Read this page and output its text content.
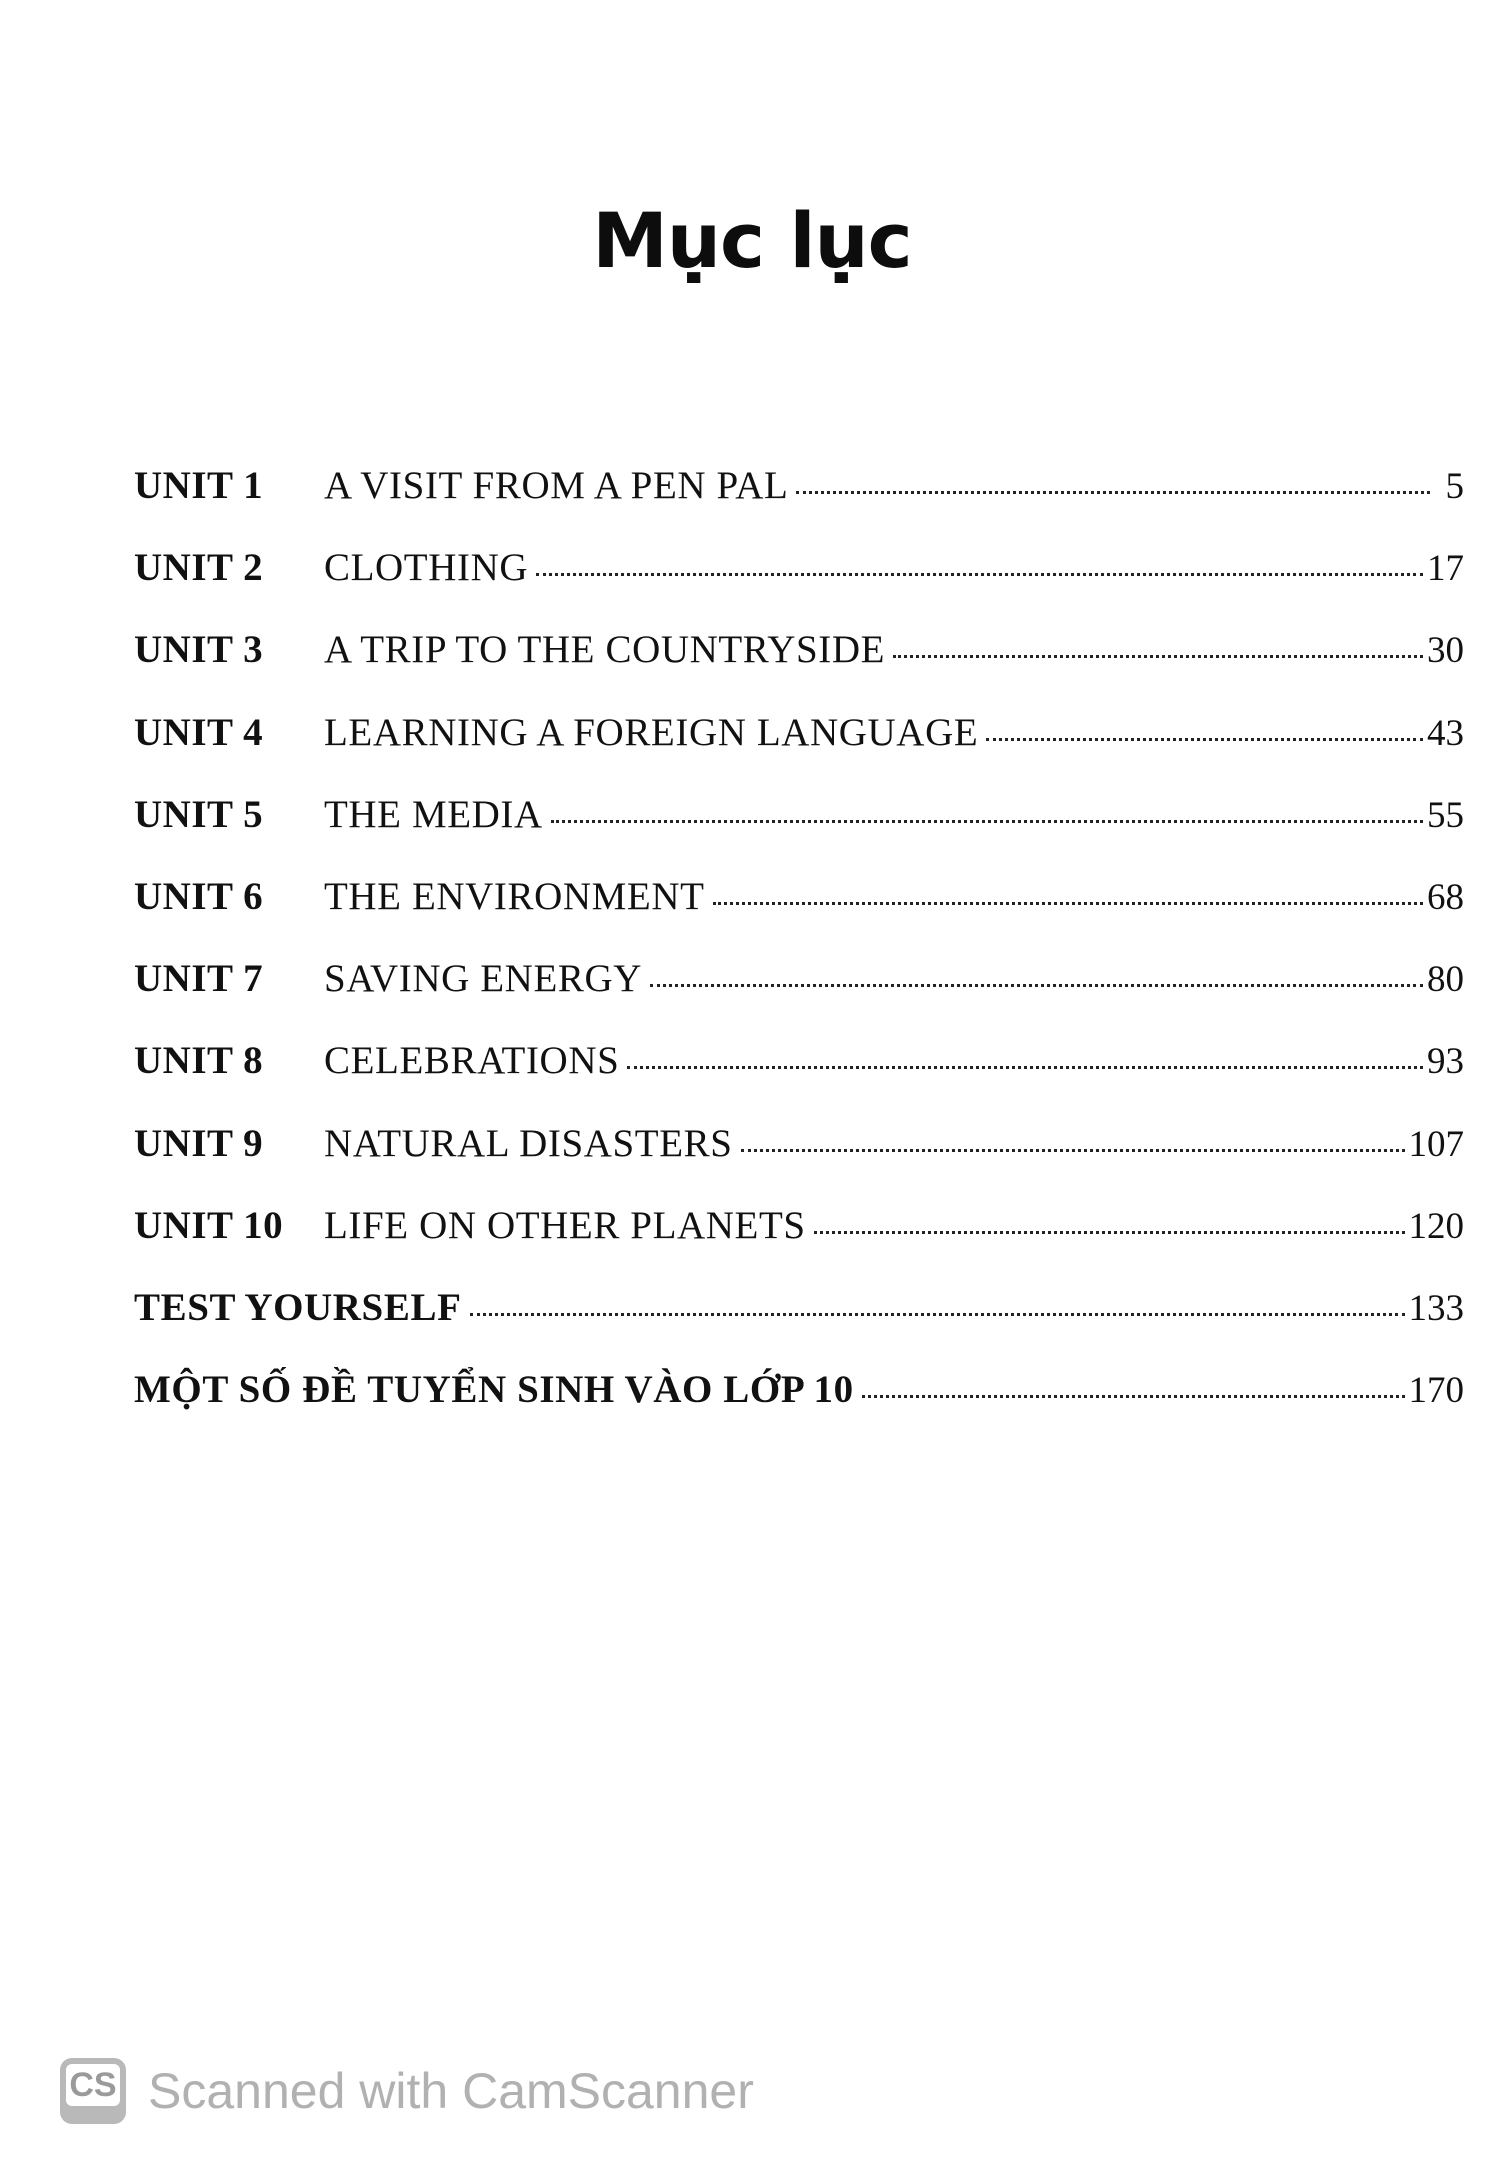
Mục lục
UNIT 1	A VISIT FROM A PEN PAL	5
UNIT 2	CLOTHING	17
UNIT 3	A TRIP TO THE COUNTRYSIDE	30
UNIT 4	LEARNING A FOREIGN LANGUAGE	43
UNIT 5	THE MEDIA	55
UNIT 6	THE ENVIRONMENT	68
UNIT 7	SAVING ENERGY	80
UNIT 8	CELEBRATIONS	93
UNIT 9	NATURAL DISASTERS	107
UNIT 10	LIFE ON OTHER PLANETS	120
TEST YOURSELF	133
MỘT SỐ ĐỀ TUYỂN SINH VÀO LỚP 10	170
CS Scanned with CamScanner
